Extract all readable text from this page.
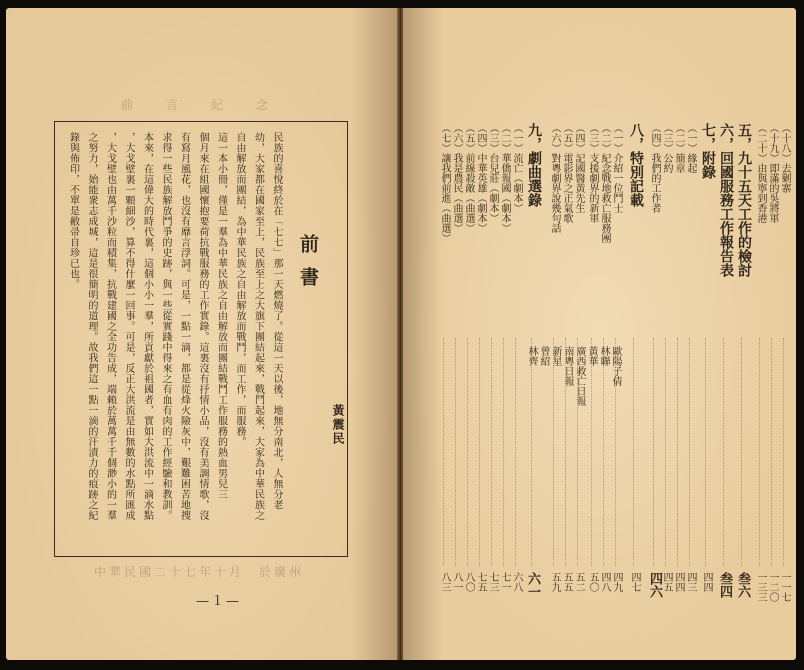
前　　言　　紀　　念
前書
黃震民
民族的喜悅終於在「七七」那一天燃燒了。從這一天以後，地無分南北，人無分老
幼，大家都在國家至上，民族至上之大旗下團結起來，戰鬥起來，大家為中華民族之
自由解放而團結，為中華民族之自由解放而戰鬥，而工作，而服務。
這一本小冊，僅是一羣為中華民族之自由解放而團結戰鬥工作服務的熱血男兒三
個月來在組國懷抱要荷抗戰服務的工作實錄。這裏沒有抒情小品，沒有美調情歌，沒
有寫月風花，也沒有靡言浮詞。可是，一點一滴，都是從烽火險灰中，艱難困苦地搜
求得一些民族解放鬥爭的史跡，與一些從實踐中得來之有血有肉的工作經驗和教訓。
本來，在這偉大的時代裏，這個小小一羣，所貢獻於祖國者，實如大洪流中一滴水點
，大戈壁裏一顆細沙，算不得什麼一回事。可是，反正大洪流是由無數的水點所匯成
，大戈壁也由萬千沙粒而積集，抗戰建國之全功告成，端賴於萬萬千千個渺小的一羣
之努力，始能衆志成城，這是很簡明的道理。故我們這一點一滴的汗漬力的痕跡之紀
錄與佈印，不單是敝帚自珍已也。
中華民國二十七年十月　於廣州
—１—
（十八）去剿寨
一一七
（十九）即滿的吳將軍
一二〇
（二十）由與寧到香港
一三三
五，九十五天工作的檢討
叁六
六，回國服務工作報告表
叁四
七，附錄
四四
（一）緣起
四三
（二）簡章
四四
（三）公約
四五
（四）我們的工作者
四六
八，特別記載
四七
（一）介紹一位鬥士
四九
（二）紀念戰地救亡服務團
四八
（三）支援劇界的新軍
五〇
（四）記國醫黃先生
五二
（五）電影界之正氣歌
五五
（六）對粵劇界說幾句話
五九
九，劇曲選錄
六一
（一）流亡（劇本）
六八
（二）華僑報國（劇本）
七一
（三）台兒莊（劇本）
七三
（四）中華英雄（劇本）
七五
（五）前線殺敵（曲選）
八〇
（六）我是農民（曲選）
八一
（七）讓我們前進（曲選）
八三
歐陽子倩
林聯
黃華
廣西救亡日報
南粵日報
新星
曾紹
林齊
